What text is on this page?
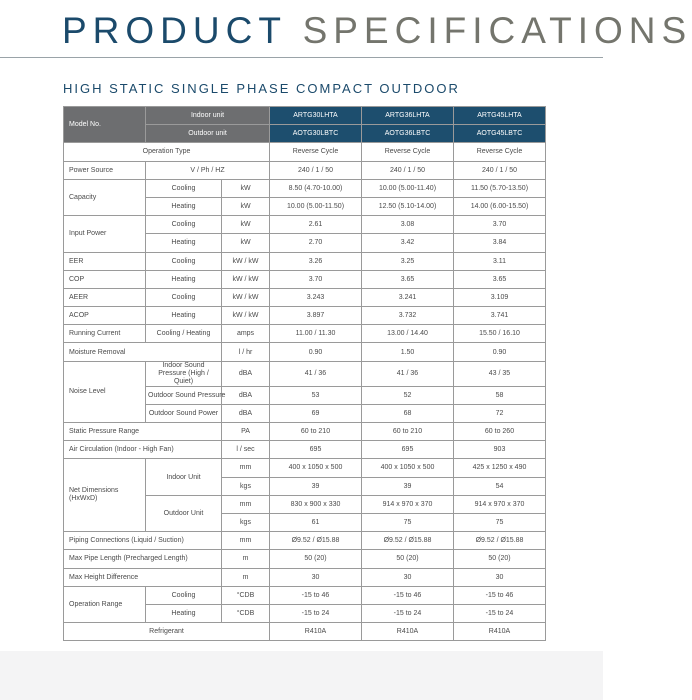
PRODUCT SPECIFICATIONS
HIGH STATIC SINGLE PHASE COMPACT OUTDOOR
Model No.	Indoor unit		ARTG30LHTA	ARTG36LHTA	ARTG45LHTA
	Outdoor unit		AOTG30LBTC	AOTG36LBTC	AOTG45LBTC
Operation Type			Reverse Cycle	Reverse Cycle	Reverse Cycle
Power Source	V / Ph / HZ		240 / 1 / 50	240 / 1 / 50	240 / 1 / 50
Capacity	Cooling	kW	8.50 (4.70-10.00)	10.00 (5.00-11.40)	11.50 (5.70-13.50)
	Heating	kW	10.00 (5.00-11.50)	12.50 (5.10-14.00)	14.00 (6.00-15.50)
Input Power	Cooling	kW	2.61	3.08	3.70
	Heating	kW	2.70	3.42	3.84
EER	Cooling	kW / kW	3.26	3.25	3.11
COP	Heating	kW / kW	3.70	3.65	3.65
AEER	Cooling	kW / kW	3.243	3.241	3.109
ACOP	Heating	kW / kW	3.897	3.732	3.741
Running Current	Cooling / Heating	amps	11.00 / 11.30	13.00 / 14.40	15.50 / 16.10
Moisture Removal		l / hr	0.90	1.50	0.90
Noise Level	Indoor Sound Pressure (High / Quiet)	dBA	41 / 36	41 / 36	43 / 35
	Outdoor Sound Pressure	dBA	53	52	58
	Outdoor Sound Power	dBA	69	68	72
Static Pressure Range		PA	60 to 210	60 to 210	60 to 260
Air Circulation (Indoor - High Fan)		l / sec	695	695	903
Net Dimensions (HxWxD)	Indoor Unit	mm	400 x 1050 x 500	400 x 1050 x 500	425 x 1250 x 490
		kgs	39	39	54
	Outdoor Unit	mm	830 x 900 x 330	914 x 970 x 370	914 x 970 x 370
		kgs	61	75	75
Piping Connections (Liquid / Suction)		mm	Ø9.52 / Ø15.88	Ø9.52 / Ø15.88	Ø9.52 / Ø15.88
Max Pipe Length (Precharged Length)		m	50 (20)	50 (20)	50 (20)
Max Height Difference		m	30	30	30
Operation Range	Cooling	°CDB	-15 to 46	-15 to 46	-15 to 46
	Heating	°CDB	-15 to 24	-15 to 24	-15 to 24
Refrigerant			R410A	R410A	R410A
